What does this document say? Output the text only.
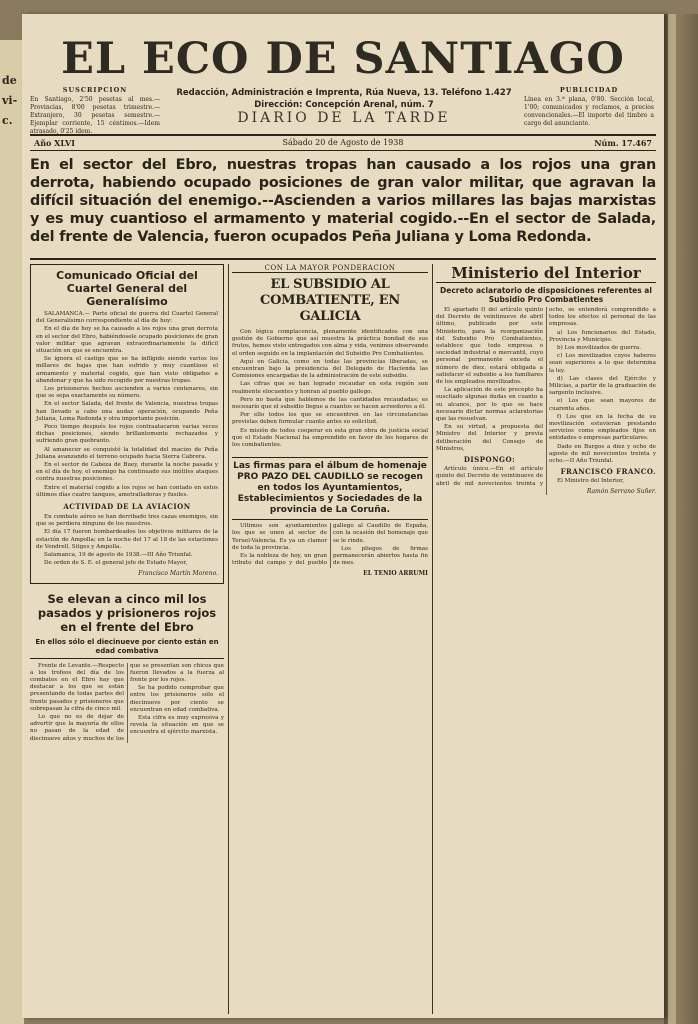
de
vi-
c.
EL ECO DE SANTIAGO
SUSCRIPCION
En Santiago, 2'50 pesetas al mes.—Provincias, 8'00 pesetas trimestre.—Extranjero, 30 pesetas semestre.—Ejemplar corriente, 15 céntimos.—Idem atrasado, 0'25 idem.
Redacción, Administración e Imprenta, Rúa Nueva, 13. Teléfono 1.427
Dirección: Concepción Arenal, núm. 7
DIARIO DE LA TARDE
PUBLICIDAD
Línea en 3.ª plana, 0'80. Sección local, 1'00; comunicados y reclamos, a precios convencionales.—El importe del timbre a cargo del anunciante.
Sábado 20 de Agosto de 1938
Año XLVI	Núm. 17.467
En el sector del Ebro, nuestras tropas han causado a los rojos una gran derrota, habiendo ocupado posiciones de gran valor militar, que agravan la difícil situación del enemigo.--Ascienden a varios millares las bajas marxistas y es muy cuantioso el armamento y material cogido.--En el sector de Salada, del frente de Valencia, fueron ocupados Peña Juliana y Loma Redonda.
Comunicado Oficial del Cuartel General del Generalísimo

SALAMANCA.— Parte oficial de guerra del Cuartel General del Generalísimo correspondiente al día de hoy:

En el día de hoy se ha causado a los rojos una gran derrota en el sector del Ebro, habiéndosele ocupado posiciones de gran valor militar que agravan extraordinariamente la difícil situación en que se encuentra.

Se ignora el castigo que se ha infligido siendo varios los millares de bajas que han sufrido y muy cuantioso el armamento y material cogido, que han visto obligados a abandonar y que ha sido recogido por nuestras tropas.

Los prisioneros hechos ascienden a varios centenares, sin que se sepa exactamente su número.

En el sector Salada, del frente de Valencia, nuestras tropas han llevado a cabo una audaz operación, ocupando Peña Juliana, Loma Redonda y otra importante posición.

Poco tiempo después los rojos contraatacaron varias veces dichas posiciones, siendo brillantemente rechazados y sufriendo gran quebranto.

Al amanecer se conquistó la totalidad del macizo de Peña Juliana avanzando el terreno ocupado hacia Sierra Cabrera.

En el sector de Cabeza de Buey, durante la noche pasada y en el día de hoy, el enemigo ha continuado sus inútiles ataques contra nuestras posiciones.

Entre el material cogido a los rojos se han contado en estos últimos días cuatro tanques, ametralladoras y fusiles.

ACTIVIDAD DE LA AVIACION

En combate aéreo se han derribado tres cazas enemigos, sin que se perdiera ninguno de los nuestros.

El día 17 fueron bombardeados los objetivos militares de la estación de Ampolla; en la noche del 17 al 18 de las estaciones de Vendrell, Sitges y Ampolla.

Salamanca, 19 de agosto de 1938.—III Año Triunfal.

De orden de S. E. el general jefe de Estado Mayor,

Francisco Martín Moreno.
Se elevan a cinco mil los pasados y prisioneros rojos en el frente del Ebro
En ellos sólo el diecinueve por ciento están en edad combativa

Frente de Levante.—Respecto a los trofeos del día de los combates en el Ebro hay que destacar a los que se están presentando de todas partes del frente pasados y prisioneros que sobrepasan la cifra de cinco mil.

Lo que no es de dejar de advertir que la mayoría de ellos no pasan de la edad de diecinueve años y muchos de los que se presentan son chicos que fueron llevados a la fuerza al frente por los rojos.

Se ha podido comprobar que entre los prisioneros sólo el diecinueve por ciento se encuentran en edad combativa.

Esta cifra es muy expresiva y revela la situación en que se encuentra el ejército marxista.

CON LA MAYOR PONDERACION
EL SUBSIDIO AL COMBATIENTE, EN GALICIA

Con lógica complacencia, plenamente identificados con una gestión de Gobierno que así muestra la práctica bondad de sus frutos, hemos visto entregados con alma y vida, venimos observando el orden seguido en la implantación del Subsidio Pro Combatientes.

Aquí en Galicia, como en todas las provincias liberadas, se encuentran bajo la presidencia del Delegado de Hacienda las Comisiones encargadas de la administración de este subsidio.

Las cifras que se han logrado recaudar en esta región son realmente elocuentes y honran al pueblo gallego.

Pero no basta que hablemos de las cantidades recaudadas; es necesario que el subsidio llegue a cuantos se hacen acreedores a él.

Por ello todos los que se encuentren en las circunstancias previstas deben formular cuanto antes su solicitud.

Es misión de todos cooperar en esta gran obra de justicia social que el Estado Nacional ha emprendido en favor de los hogares de los combatientes.

Las firmas para el álbum de homenaje PRO PAZO DEL CAUDILLO se recogen en todos los Ayuntamientos, Establecimientos y Sociedades de la provincia de La Coruña.

Ultimos son ayuntamientos los que se unen al sector de Teruel-Valencia. Es ya un clamor de toda la provincia.

Es la nobleza de hoy, un gran tributo del campo y del pueblo gallego al Caudillo de España, con la ocasión del homenaje que se le rinde.

Los pliegos de firmas permanecerán abiertos hasta fin de mes.

EL TENIO ARRUMI
Ministerio del Interior
Decreto aclaratorio de disposiciones referentes al Subsidio Pro Combatientes

El apartado f) del artículo quinto del Decreto de veintinueve de abril último, publicado por este Ministerio, para la reorganización del Subsidio Pro Combatientes, establece que todo empresa o sociedad industrial o mercantil, cuyo personal permanente exceda el número de diez, estará obligada a satisfacer el subsidio a los familiares de los empleados movilizados.

La aplicación de este precepto ha suscitado algunas dudas en cuanto a su alcance, por lo que se hace necesario dictar normas aclaratorias que las resuelvan.

En su virtud, a propuesta del Ministro del Interior y previa deliberación del Consejo de Ministros,

DISPONGO:

Artículo único.—En el artículo quinto del Decreto de veintinueve de abril de mil novecientos treinta y ocho, se entenderá comprendido a todos los efectos el personal de las empresas.

a) Los funcionarios del Estado, Provincia y Municipio.

b) Los movilizados de guerra.

c) Los movilizados cuyos haberes sean superiores a lo que determina la ley.

d) Las clases del Ejército y Milicias, a partir de la graduación de sargento inclusive.

e) Los que sean mayores de cuarenta años.

f) Los que en la fecha de su movilización estuvieran prestando servicios como empleados fijos en entidades o empresas particulares.

Dado en Burgos a diez y ocho de agosto de mil novecientos treinta y ocho.—II Año Triunfal.

FRANCISCO FRANCO.

El Ministro del Interior,

Ramón Serrano Suñer.
